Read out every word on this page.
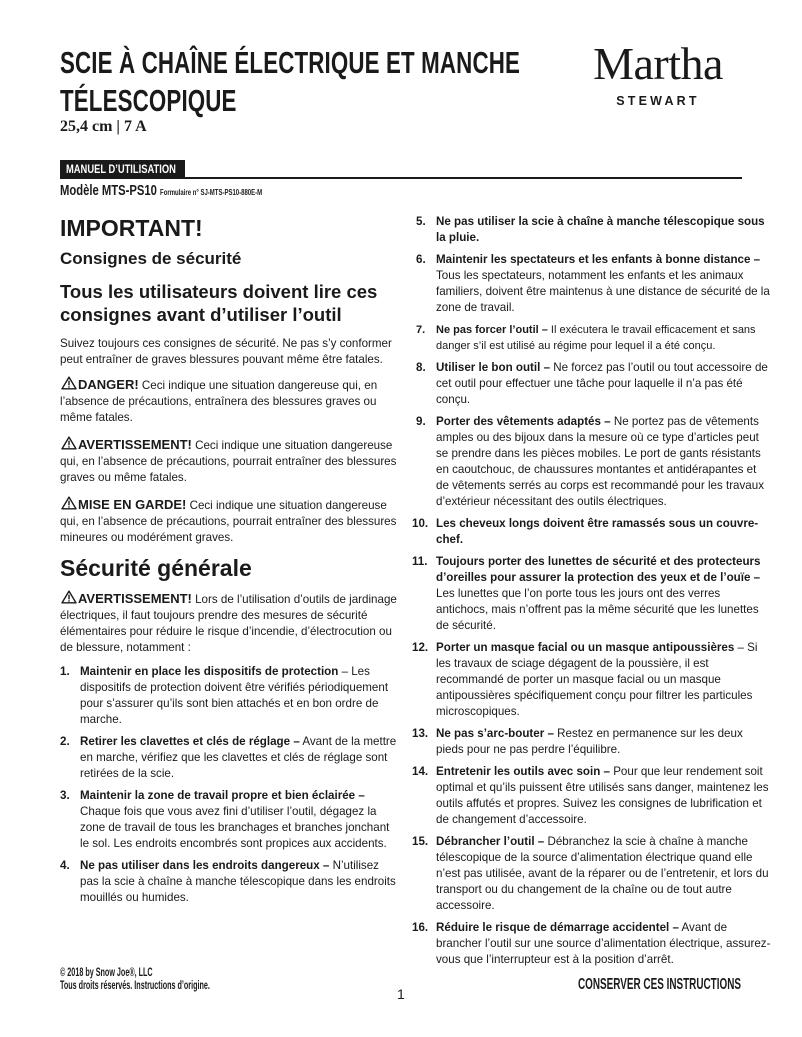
SCIE À CHAÎNE ÉLECTRIQUE ET MANCHE
TÉLESCOPIQUE
25,4 cm | 7 A
Martha
STEWART
MANUEL D’UTILISATION
Modèle MTS-PS10 Formulaire n° SJ-MTS-PS10-880E-M
IMPORTANT!
Consignes de sécurité
Tous les utilisateurs doivent lire ces consignes avant d’utiliser l’outil

Suivez toujours ces consignes de sécurité. Ne pas s’y conformer peut entraîner de graves blessures pouvant même être fatales.

DANGER! Ceci indique une situation dangereuse qui, en l’absence de précautions, entraînera des blessures graves ou même fatales.
AVERTISSEMENT! Ceci indique une situation dangereuse qui, en l’absence de précautions, pourrait entraîner des blessures graves ou même fatales.
MISE EN GARDE! Ceci indique une situation dangereuse qui, en l’absence de précautions, pourrait entraîner des blessures mineures ou modérément graves.
Sécurité générale
AVERTISSEMENT! Lors de l’utilisation d’outils de jardinage électriques, il faut toujours prendre des mesures de sécurité élémentaires pour réduire le risque d’incendie, d’électrocution ou de blessure, notamment :
1. Maintenir en place les dispositifs de protection – Les dispositifs de protection doivent être vérifiés périodiquement pour s’assurer qu’ils sont bien attachés et en bon ordre de marche.
2. Retirer les clavettes et clés de réglage – Avant de la mettre en marche, vérifiez que les clavettes et clés de réglage sont retirées de la scie.
3. Maintenir la zone de travail propre et bien éclairée – Chaque fois que vous avez fini d’utiliser l’outil, dégagez la zone de travail de tous les branchages et branches jonchant le sol. Les endroits encombrés sont propices aux accidents.
4. Ne pas utiliser dans les endroits dangereux – N’utilisez pas la scie à chaîne à manche télescopique dans les endroits mouillés ou humides.
5. Ne pas utiliser la scie à chaîne à manche télescopique sous la pluie.
6. Maintenir les spectateurs et les enfants à bonne distance – Tous les spectateurs, notamment les enfants et les animaux familiers, doivent être maintenus à une distance de sécurité de la zone de travail.
7. Ne pas forcer l’outil – Il exécutera le travail efficacement et sans danger s’il est utilisé au régime pour lequel il a été conçu.
8. Utiliser le bon outil – Ne forcez pas l’outil ou tout accessoire de cet outil pour effectuer une tâche pour laquelle il n’a pas été conçu.
9. Porter des vêtements adaptés – Ne portez pas de vêtements amples ou des bijoux dans la mesure où ce type d’articles peut se prendre dans les pièces mobiles. Le port de gants résistants en caoutchouc, de chaussures montantes et antidérapantes et de vêtements serrés au corps est recommandé pour les travaux d’extérieur nécessitant des outils électriques.
10. Les cheveux longs doivent être ramassés sous un couvre-chef.
11. Toujours porter des lunettes de sécurité et des protecteurs d’oreilles pour assurer la protection des yeux et de l’ouïe – Les lunettes que l’on porte tous les jours ont des verres antichocs, mais n’offrent pas la même sécurité que les lunettes de sécurité.
12. Porter un masque facial ou un masque antipoussières – Si les travaux de sciage dégagent de la poussière, il est recommandé de porter un masque facial ou un masque antipoussières spécifiquement conçu pour filtrer les particules microscopiques.
13. Ne pas s’arc-bouter – Restez en permanence sur les deux pieds pour ne pas perdre l’équilibre.
14. Entretenir les outils avec soin – Pour que leur rendement soit optimal et qu’ils puissent être utilisés sans danger, maintenez les outils affutés et propres. Suivez les consignes de lubrification et de changement d’accessoire.
15. Débrancher l’outil – Débranchez la scie à chaîne à manche télescopique de la source d’alimentation électrique quand elle n’est pas utilisée, avant de la réparer ou de l’entretenir, et lors du transport ou du changement de la chaîne ou de tout autre accessoire.
16. Réduire le risque de démarrage accidentel – Avant de brancher l’outil sur une source d’alimentation électrique, assurez-vous que l’interrupteur est à la position d’arrêt.
© 2018 by Snow Joe®, LLC
Tous droits réservés. Instructions d’origine.
1
CONSERVER CES INSTRUCTIONS
